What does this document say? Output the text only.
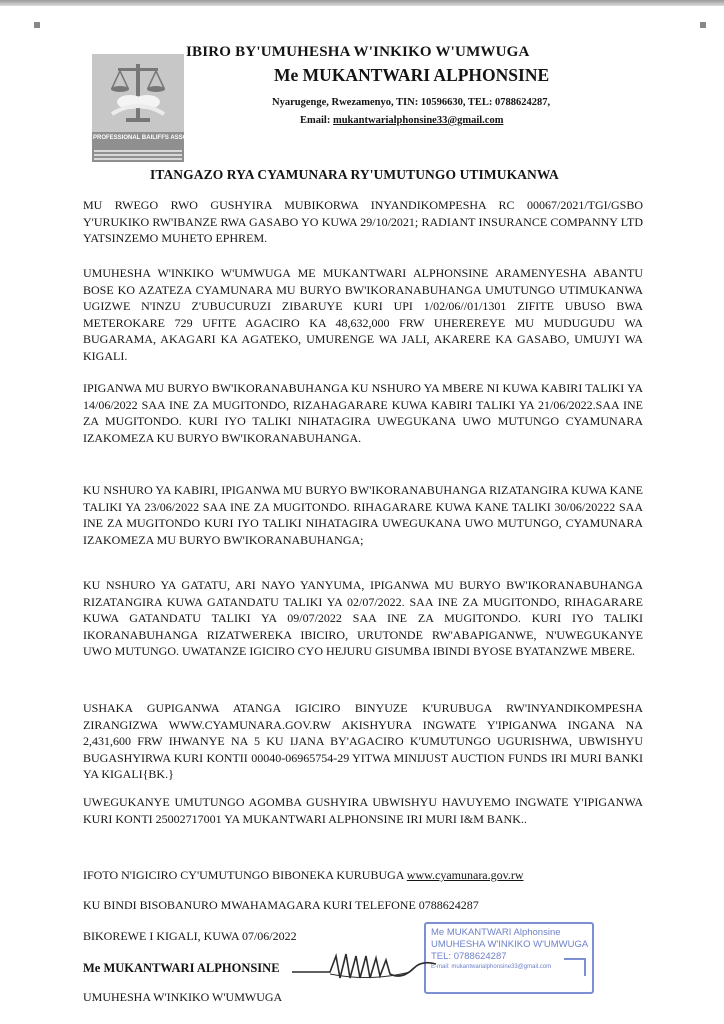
PROFESSIONAL BAILIFFS ASSOCIATION
IBIRO BY'UMUHESHA W'INKIKO W'UMWUGA
Me MUKANTWARI ALPHONSINE
Nyarugenge, Rwezamenyo, TIN: 10596630, TEL: 0788624287,
Email: mukantwarialphonsine33@gmail.com
ITANGAZO RYA CYAMUNARA RY'UMUTUNGO UTIMUKANWA

MU RWEGO RWO GUSHYIRA MUBIKORWA INYANDIKOMPESHA RC 00067/2021/TGI/GSBO Y'URUKIKO RW'IBANZE RWA GASABO YO KUWA 29/10/2021; RADIANT INSURANCE COMPANNY LTD YATSINZEMO MUHETO EPHREM.

UMUHESHA W'INKIKO W'UMWUGA ME MUKANTWARI ALPHONSINE ARAMENYESHA ABANTU BOSE KO AZATEZA CYAMUNARA MU BURYO BW'IKORANABUHANGA UMUTUNGO UTIMUKANWA UGIZWE N'INZU Z'UBUCURUZI ZIBARUYE KURI UPI 1/02/06//01/1301 ZIFITE UBUSO BWA METEROKARE 729 UFITE AGACIRO KA 48,632,000 FRW UHEREREYE MU MUDUGUDU WA BUGARAMA, AKAGARI KA AGATEKO, UMURENGE WA JALI, AKARERE KA GASABO, UMUJYI WA KIGALI.

IPIGANWA MU BURYO BW'IKORANABUHANGA KU NSHURO YA MBERE NI KUWA KABIRI TALIKI YA 14/06/2022 SAA INE ZA MUGITONDO, RIZAHAGARARE KUWA KABIRI TALIKI YA 21/06/2022.SAA INE ZA MUGITONDO. KURI IYO TALIKI NIHATAGIRA UWEGUKANA UWO MUTUNGO CYAMUNARA IZAKOMEZA KU BURYO BW'IKORANABUHANGA.

KU NSHURO YA KABIRI, IPIGANWA MU BURYO BW'IKORANABUHANGA RIZATANGIRA KUWA KANE TALIKI YA 23/06/2022 SAA INE ZA MUGITONDO. RIHAGARARE KUWA KANE TALIKI 30/06/20222 SAA INE ZA MUGITONDO KURI IYO TALIKI NIHATAGIRA UWEGUKANA UWO MUTUNGO, CYAMUNARA IZAKOMEZA MU BURYO BW'IKORANABUHANGA;

KU NSHURO YA GATATU, ARI NAYO YANYUMA, IPIGANWA MU BURYO BW'IKORANABUHANGA RIZATANGIRA KUWA GATANDATU TALIKI YA 02/07/2022. SAA INE ZA MUGITONDO, RIHAGARARE KUWA GATANDATU TALIKI YA 09/07/2022 SAA INE ZA MUGITONDO. KURI IYO TALIKI IKORANABUHANGA RIZATWEREKA IBICIRO, URUTONDE RW'ABAPIGANWE, N'UWEGUKANYE UWO MUTUNGO. UWATANZE IGICIRO CYO HEJURU GISUMBA IBINDI BYOSE BYATANZWE MBERE.

USHAKA GUPIGANWA ATANGA IGICIRO BINYUZE K'URUBUGA RW'INYANDIKOMPESHA ZIRANGIZWA WWW.CYAMUNARA.GOV.RW AKISHYURA INGWATE Y'IPIGANWA INGANA NA 2,431,600 FRW IHWANYE NA 5 KU IJANA BY'AGACIRO K'UMUTUNGO UGURISHWA, UBWISHYU BUGASHYIRWA KURI KONTII 00040-06965754-29 YITWA MINIJUST AUCTION FUNDS IRI MURI BANKI YA KIGALI{BK.}

UWEGUKANYE UMUTUNGO AGOMBA GUSHYIRA UBWISHYU HAVUYEMO INGWATE Y'IPIGANWA KURI KONTI 25002717001 YA MUKANTWARI ALPHONSINE IRI MURI I&M BANK..

IFOTO N'IGICIRO CY'UMUTUNGO BIBONEKA KURUBUGA www.cyamunara.gov.rw
KU BINDI BISOBANURO MWAHAMAGARA KURI TELEFONE 0788624287
BIKOREWE I KIGALI, KUWA 07/06/2022	Me MUKANTWARI Alphonsine
UMUHESHA W'INKIKO W'UMWUGA
TEL: 0788624287
E-mail: mukantwarialphonsine33@gmail.com
Me MUKANTWARI ALPHONSINE
UMUHESHA W'INKIKO W'UMWUGA
